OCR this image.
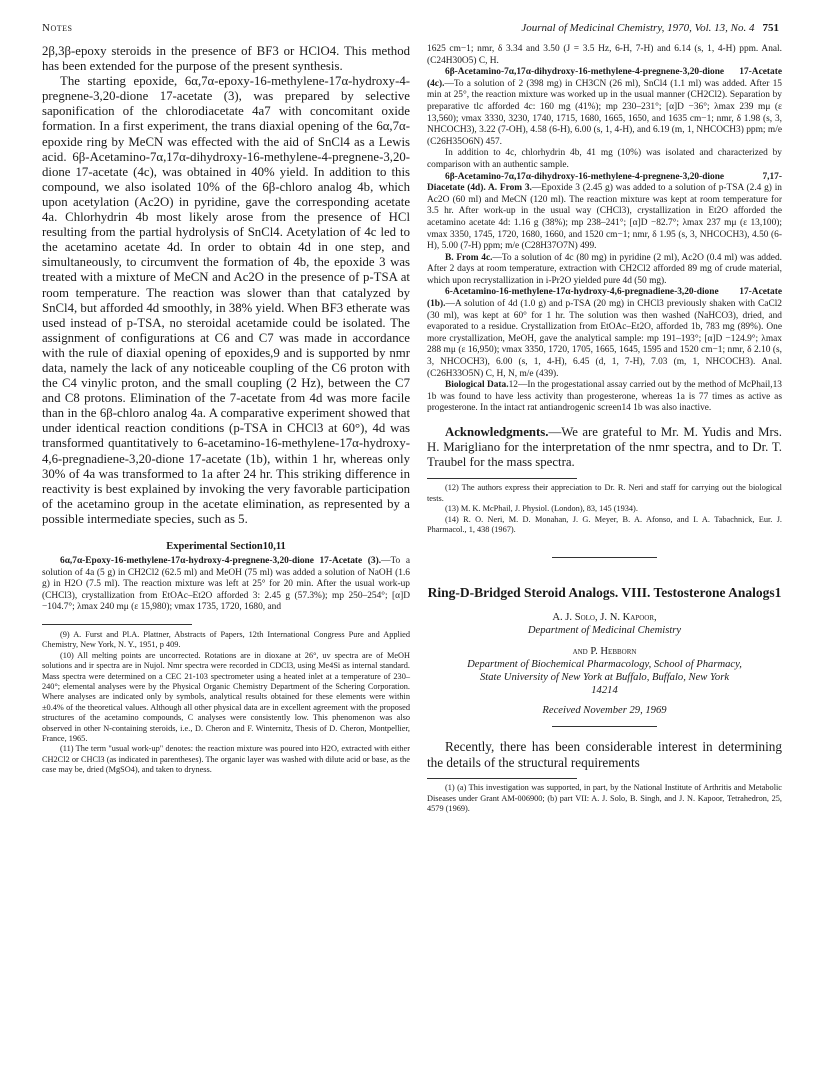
Notes	Journal of Medicinal Chemistry, 1970, Vol. 13, No. 4 751

2β,3β-epoxy steroids in the presence of BF3 or HClO4. This method has been extended for the purpose of the present synthesis.

The starting epoxide, 6α,7α-epoxy-16-methylene-17α-hydroxy-4-pregnene-3,20-dione 17-acetate (3), was prepared by selective saponification of the chlorodiacetate 4a7 with concomitant oxide formation. In a first experiment, the trans diaxial opening of the 6α,7α-epoxide ring by MeCN was effected with the aid of SnCl4 as a Lewis acid. 6β-Acetamino-7α,17α-dihydroxy-16-methylene-4-pregnene-3,20-dione 17-acetate (4c), was obtained in 40% yield. In addition to this compound, we also isolated 10% of the 6β-chloro analog 4b, which upon acetylation (Ac2O) in pyridine, gave the corresponding acetate 4a. Chlorhydrin 4b most likely arose from the presence of HCl resulting from the partial hydrolysis of SnCl4. Acetylation of 4c led to the acetamino acetate 4d. In order to obtain 4d in one step, and simultaneously, to circumvent the formation of 4b, the epoxide 3 was treated with a mixture of MeCN and Ac2O in the presence of p-TSA at room temperature. The reaction was slower than that catalyzed by SnCl4, but afforded 4d smoothly, in 38% yield. When BF3 etherate was used instead of p-TSA, no steroidal acetamide could be isolated. The assignment of configurations at C6 and C7 was made in accordance with the rule of diaxial opening of epoxides,9 and is supported by nmr data, namely the lack of any noticeable coupling of the C6 proton with the C4 vinylic proton, and the small coupling (2 Hz), between the C7 and C8 protons. Elimination of the 7-acetate from 4d was more facile than in the 6β-chloro analog 4a. A comparative experiment showed that under identical reaction conditions (p-TSA in CHCl3 at 60°), 4d was transformed quantitatively to 6-acetamino-16-methylene-17α-hydroxy-4,6-pregnadiene-3,20-dione 17-acetate (1b), within 1 hr, whereas only 30% of 4a was transformed to 1a after 24 hr. This striking difference in reactivity is best explained by invoking the very favorable participation of the acetamino group in the acetate elimination, as represented by a possible intermediate species, such as 5.

Experimental Section10,11

6α,7α-Epoxy-16-methylene-17α-hydroxy-4-pregnene-3,20-dione 17-Acetate (3).—To a solution of 4a (5 g) in CH2Cl2 (62.5 ml) and MeOH (75 ml) was added a solution of NaOH (1.6 g) in H2O (7.5 ml). The reaction mixture was left at 25° for 20 min. After the usual work-up (CHCl3), crystallization from EtOAc–Et2O afforded 3: 2.45 g (57.3%); mp 250–254°; [α]D −104.7°; λmax 240 mμ (ε 15,980); νmax 1735, 1720, 1680, and

(9) A. Furst and Pl.A. Plattner, Abstracts of Papers, 12th International Congress Pure and Applied Chemistry, New York, N. Y., 1951, p 409.

(10) All melting points are uncorrected. Rotations are in dioxane at 26°, uv spectra are of MeOH solutions and ir spectra are in Nujol. Nmr spectra were recorded in CDCl3, using Me4Si as internal standard. Mass spectra were determined on a CEC 21-103 spectrometer using a heated inlet at a temperature of 230–240°; elemental analyses were by the Physical Organic Chemistry Department of the Schering Corporation. Where analyses are indicated only by symbols, analytical results obtained for these elements were within ±0.4% of the theoretical values. Although all other physical data are in excellent agreement with the proposed structures of the acetamino compounds, C analyses were consistently low. This phenomenon was also observed in other N-containing steroids, i.e., D. Cheron and F. Winternitz, Thesis of D. Cheron, Montpellier, France, 1965.

(11) The term "usual work-up" denotes: the reaction mixture was poured into H2O, extracted with either CH2Cl2 or CHCl3 (as indicated in parentheses). The organic layer was washed with dilute acid or base, as the case may be, dried (MgSO4), and taken to dryness.

1625 cm−1; nmr, δ 3.34 and 3.50 (J = 3.5 Hz, 6-H, 7-H) and 6.14 (s, 1, 4-H) ppm. Anal. (C24H30O5) C, H.

6β-Acetamino-7α,17α-dihydroxy-16-methylene-4-pregnene-3,20-dione 17-Acetate (4c).—To a solution of 2 (398 mg) in CH3CN (26 ml), SnCl4 (1.1 ml) was added. After 15 min at 25°, the reaction mixture was worked up in the usual manner (CH2Cl2). Separation by preparative tlc afforded 4c: 160 mg (41%); mp 230–231°; [α]D −36°; λmax 239 mμ (ε 13,560); νmax 3330, 3230, 1740, 1715, 1680, 1665, 1650, and 1635 cm−1; nmr, δ 1.98 (s, 3, NHCOCH3), 3.22 (7-OH), 4.58 (6-H), 6.00 (s, 1, 4-H), and 6.19 (m, 1, NHCOCH3) ppm; m/e (C26H35O6N) 457.

In addition to 4c, chlorhydrin 4b, 41 mg (10%) was isolated and characterized by comparison with an authentic sample.

6β-Acetamino-7α,17α-dihydroxy-16-methylene-4-pregnene-3,20-dione 7,17-Diacetate (4d). A. From 3.—Epoxide 3 (2.45 g) was added to a solution of p-TSA (2.4 g) in Ac2O (60 ml) and MeCN (120 ml). The reaction mixture was kept at room temperature for 3.5 hr. After work-up in the usual way (CHCl3), crystallization in Et2O afforded the acetamino acetate 4d: 1.16 g (38%); mp 238–241°; [α]D −82.7°; λmax 237 mμ (ε 13,100); νmax 3350, 1745, 1720, 1680, 1660, and 1520 cm−1; nmr, δ 1.95 (s, 3, NHCOCH3), 4.50 (6-H), 5.00 (7-H) ppm; m/e (C28H37O7N) 499.

B. From 4c.—To a solution of 4c (80 mg) in pyridine (2 ml), Ac2O (0.4 ml) was added. After 2 days at room temperature, extraction with CH2Cl2 afforded 89 mg of crude material, which upon recrystallization in i-Pr2O yielded pure 4d (50 mg).

6-Acetamino-16-methylene-17α-hydroxy-4,6-pregnadiene-3,20-dione 17-Acetate (1b).—A solution of 4d (1.0 g) and p-TSA (20 mg) in CHCl3 previously shaken with CaCl2 (30 ml), was kept at 60° for 1 hr. The solution was then washed (NaHCO3), dried, and evaporated to a residue. Crystallization from EtOAc–Et2O, afforded 1b, 783 mg (89%). One more crystallization, MeOH, gave the analytical sample: mp 191–193°; [α]D −124.9°; λmax 288 mμ (ε 16,950); νmax 3350, 1720, 1705, 1665, 1645, 1595 and 1520 cm−1; nmr, δ 2.10 (s, 3, NHCOCH3), 6.00 (s, 1, 4-H), 6.45 (d, 1, 7-H), 7.03 (m, 1, NHCOCH3). Anal. (C26H33O5N) C, H, N, m/e (439).

Biological Data.12—In the progestational assay carried out by the method of McPhail,13 1b was found to have less activity than progesterone, whereas 1a is 77 times as active as progesterone. In the intact rat antiandrogenic screen14 1b was also inactive.

Acknowledgments.—We are grateful to Mr. M. Yudis and Mrs. H. Marigliano for the interpretation of the nmr spectra, and to Dr. T. Traubel for the mass spectra.

(12) The authors express their appreciation to Dr. R. Neri and staff for carrying out the biological tests.

(13) M. K. McPhail, J. Physiol. (London), 83, 145 (1934).

(14) R. O. Neri, M. D. Monahan, J. G. Meyer, B. A. Afonso, and I. A. Tabachnick, Eur. J. Pharmacol., 1, 438 (1967).

Ring-D-Bridged Steroid Analogs. VIII. Testosterone Analogs1
A. J. Solo, J. N. Kapoor,
Department of Medicinal Chemistry
and P. Hebborn
Department of Biochemical Pharmacology, School of Pharmacy, State University of New York at Buffalo, Buffalo, New York 14214
Received November 29, 1969

Recently, there has been considerable interest in determining the details of the structural requirements

(1) (a) This investigation was supported, in part, by the National Institute of Arthritis and Metabolic Diseases under Grant AM-006900; (b) part VII: A. J. Solo, B. Singh, and J. N. Kapoor, Tetrahedron, 25, 4579 (1969).
